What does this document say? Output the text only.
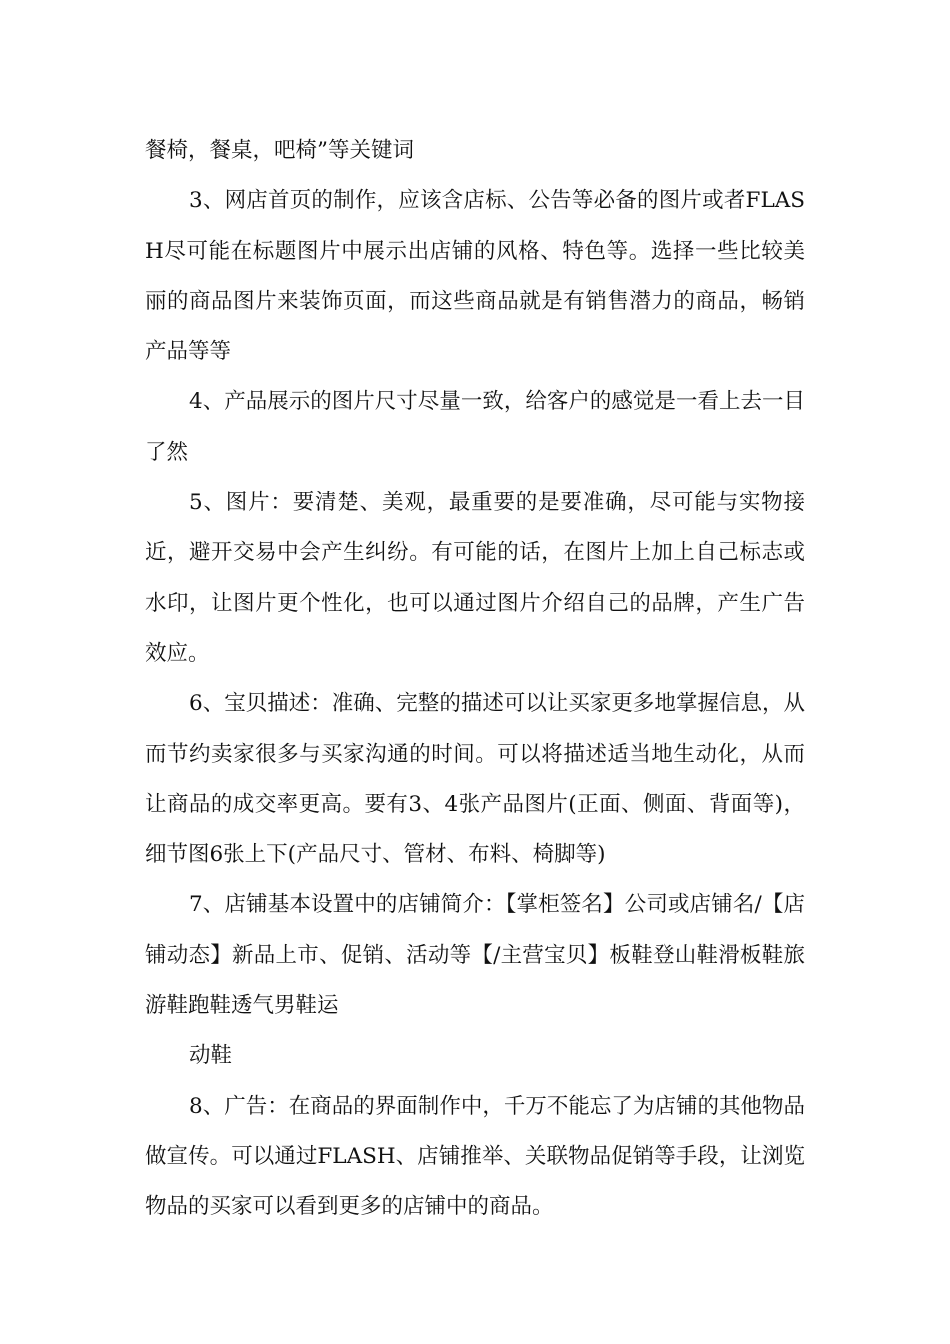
餐椅，餐桌，吧椅”等关键词

3、网店首页的制作，应该含店标、公告等必备的图片或者FLASH尽可能在标题图片中展示出店铺的风格、特色等。选择一些比较美丽的商品图片来装饰页面，而这些商品就是有销售潜力的商品，畅销产品等等

4、产品展示的图片尺寸尽量一致，给客户的感觉是一看上去一目了然

5、图片：要清楚、美观，最重要的是要准确，尽可能与实物接近，避开交易中会产生纠纷。有可能的话，在图片上加上自己标志或水印，让图片更个性化，也可以通过图片介绍自己的品牌，产生广告效应。

6、宝贝描述：准确、完整的描述可以让买家更多地掌握信息，从而节约卖家很多与买家沟通的时间。可以将描述适当地生动化，从而让商品的成交率更高。要有3、4张产品图片(正面、侧面、背面等)，细节图6张上下(产品尺寸、管材、布料、椅脚等)

7、店铺基本设置中的店铺简介：【掌柜签名】公司或店铺名/【店铺动态】新品上市、促销、活动等【/主营宝贝】板鞋登山鞋滑板鞋旅游鞋跑鞋透气男鞋运

动鞋

8、广告：在商品的界面制作中，千万不能忘了为店铺的其他物品做宣传。可以通过FLASH、店铺推举、关联物品促销等手段，让浏览物品的买家可以看到更多的店铺中的商品。
